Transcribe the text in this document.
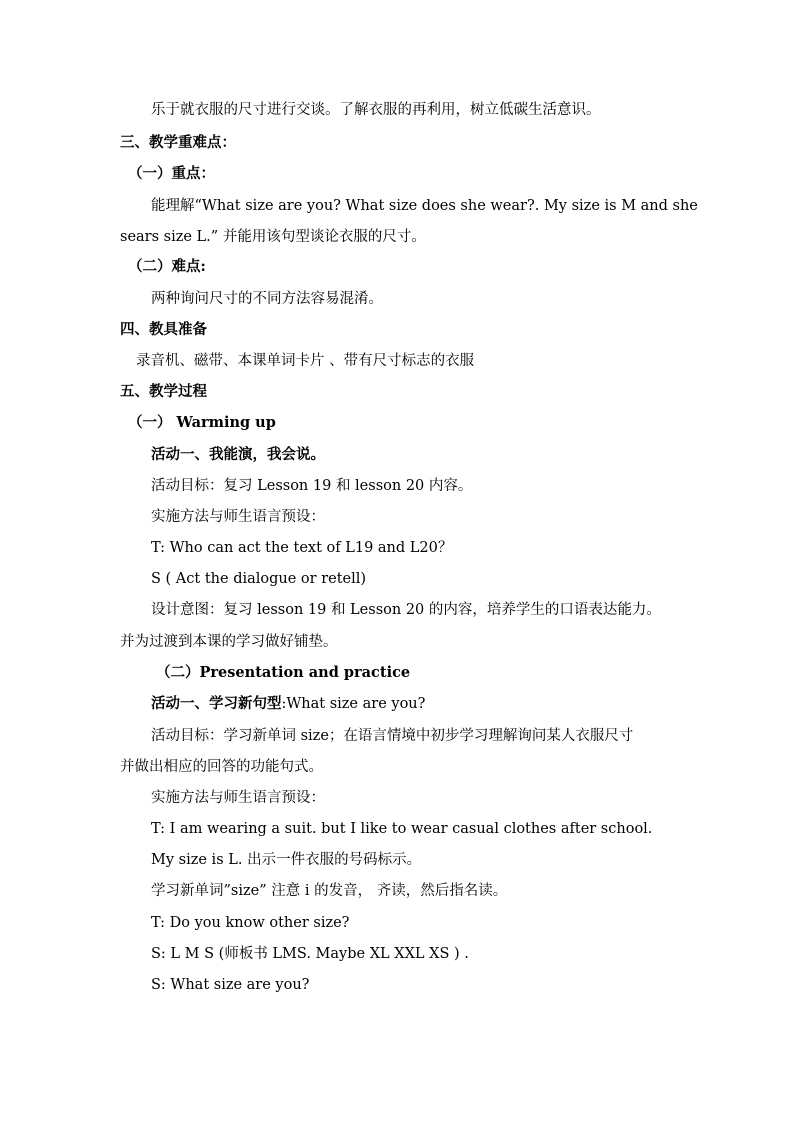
乐于就衣服的尺寸进行交谈。了解衣服的再利用，树立低碳生活意识。
三、教学重难点：
（一）重点：
能理解“What size are you? What size does she wear?. My size is M and she
sears size L.” 并能用该句型谈论衣服的尺寸。
（二）难点:
两种询问尺寸的不同方法容易混淆。
四、教具准备
录音机、磁带、本课单词卡片 、带有尺寸标志的衣服
五、教学过程
（一） Warming up
活动一、我能演，我会说。
活动目标：复习 Lesson 19 和 lesson 20 内容。
实施方法与师生语言预设：
T: Who can act the text of L19 and L20？
S ( Act the dialogue or retell)
设计意图：复习 lesson 19 和 Lesson 20 的内容，培养学生的口语表达能力。
并为过渡到本课的学习做好铺垫。
（二）Presentation and practice
活动一、学习新句型:What size are you?
活动目标：学习新单词 size；在语言情境中初步学习理解询问某人衣服尺寸
并做出相应的回答的功能句式。
实施方法与师生语言预设：
T: I am wearing a suit. but I like to wear casual clothes after school.
My size is L. 出示一件衣服的号码标示。
学习新单词”size” 注意 i 的发音， 齐读，然后指名读。
T: Do you know other size?
S: L M S (师板书 LMS. Maybe XL XXL XS ) .
S: What size are you?
